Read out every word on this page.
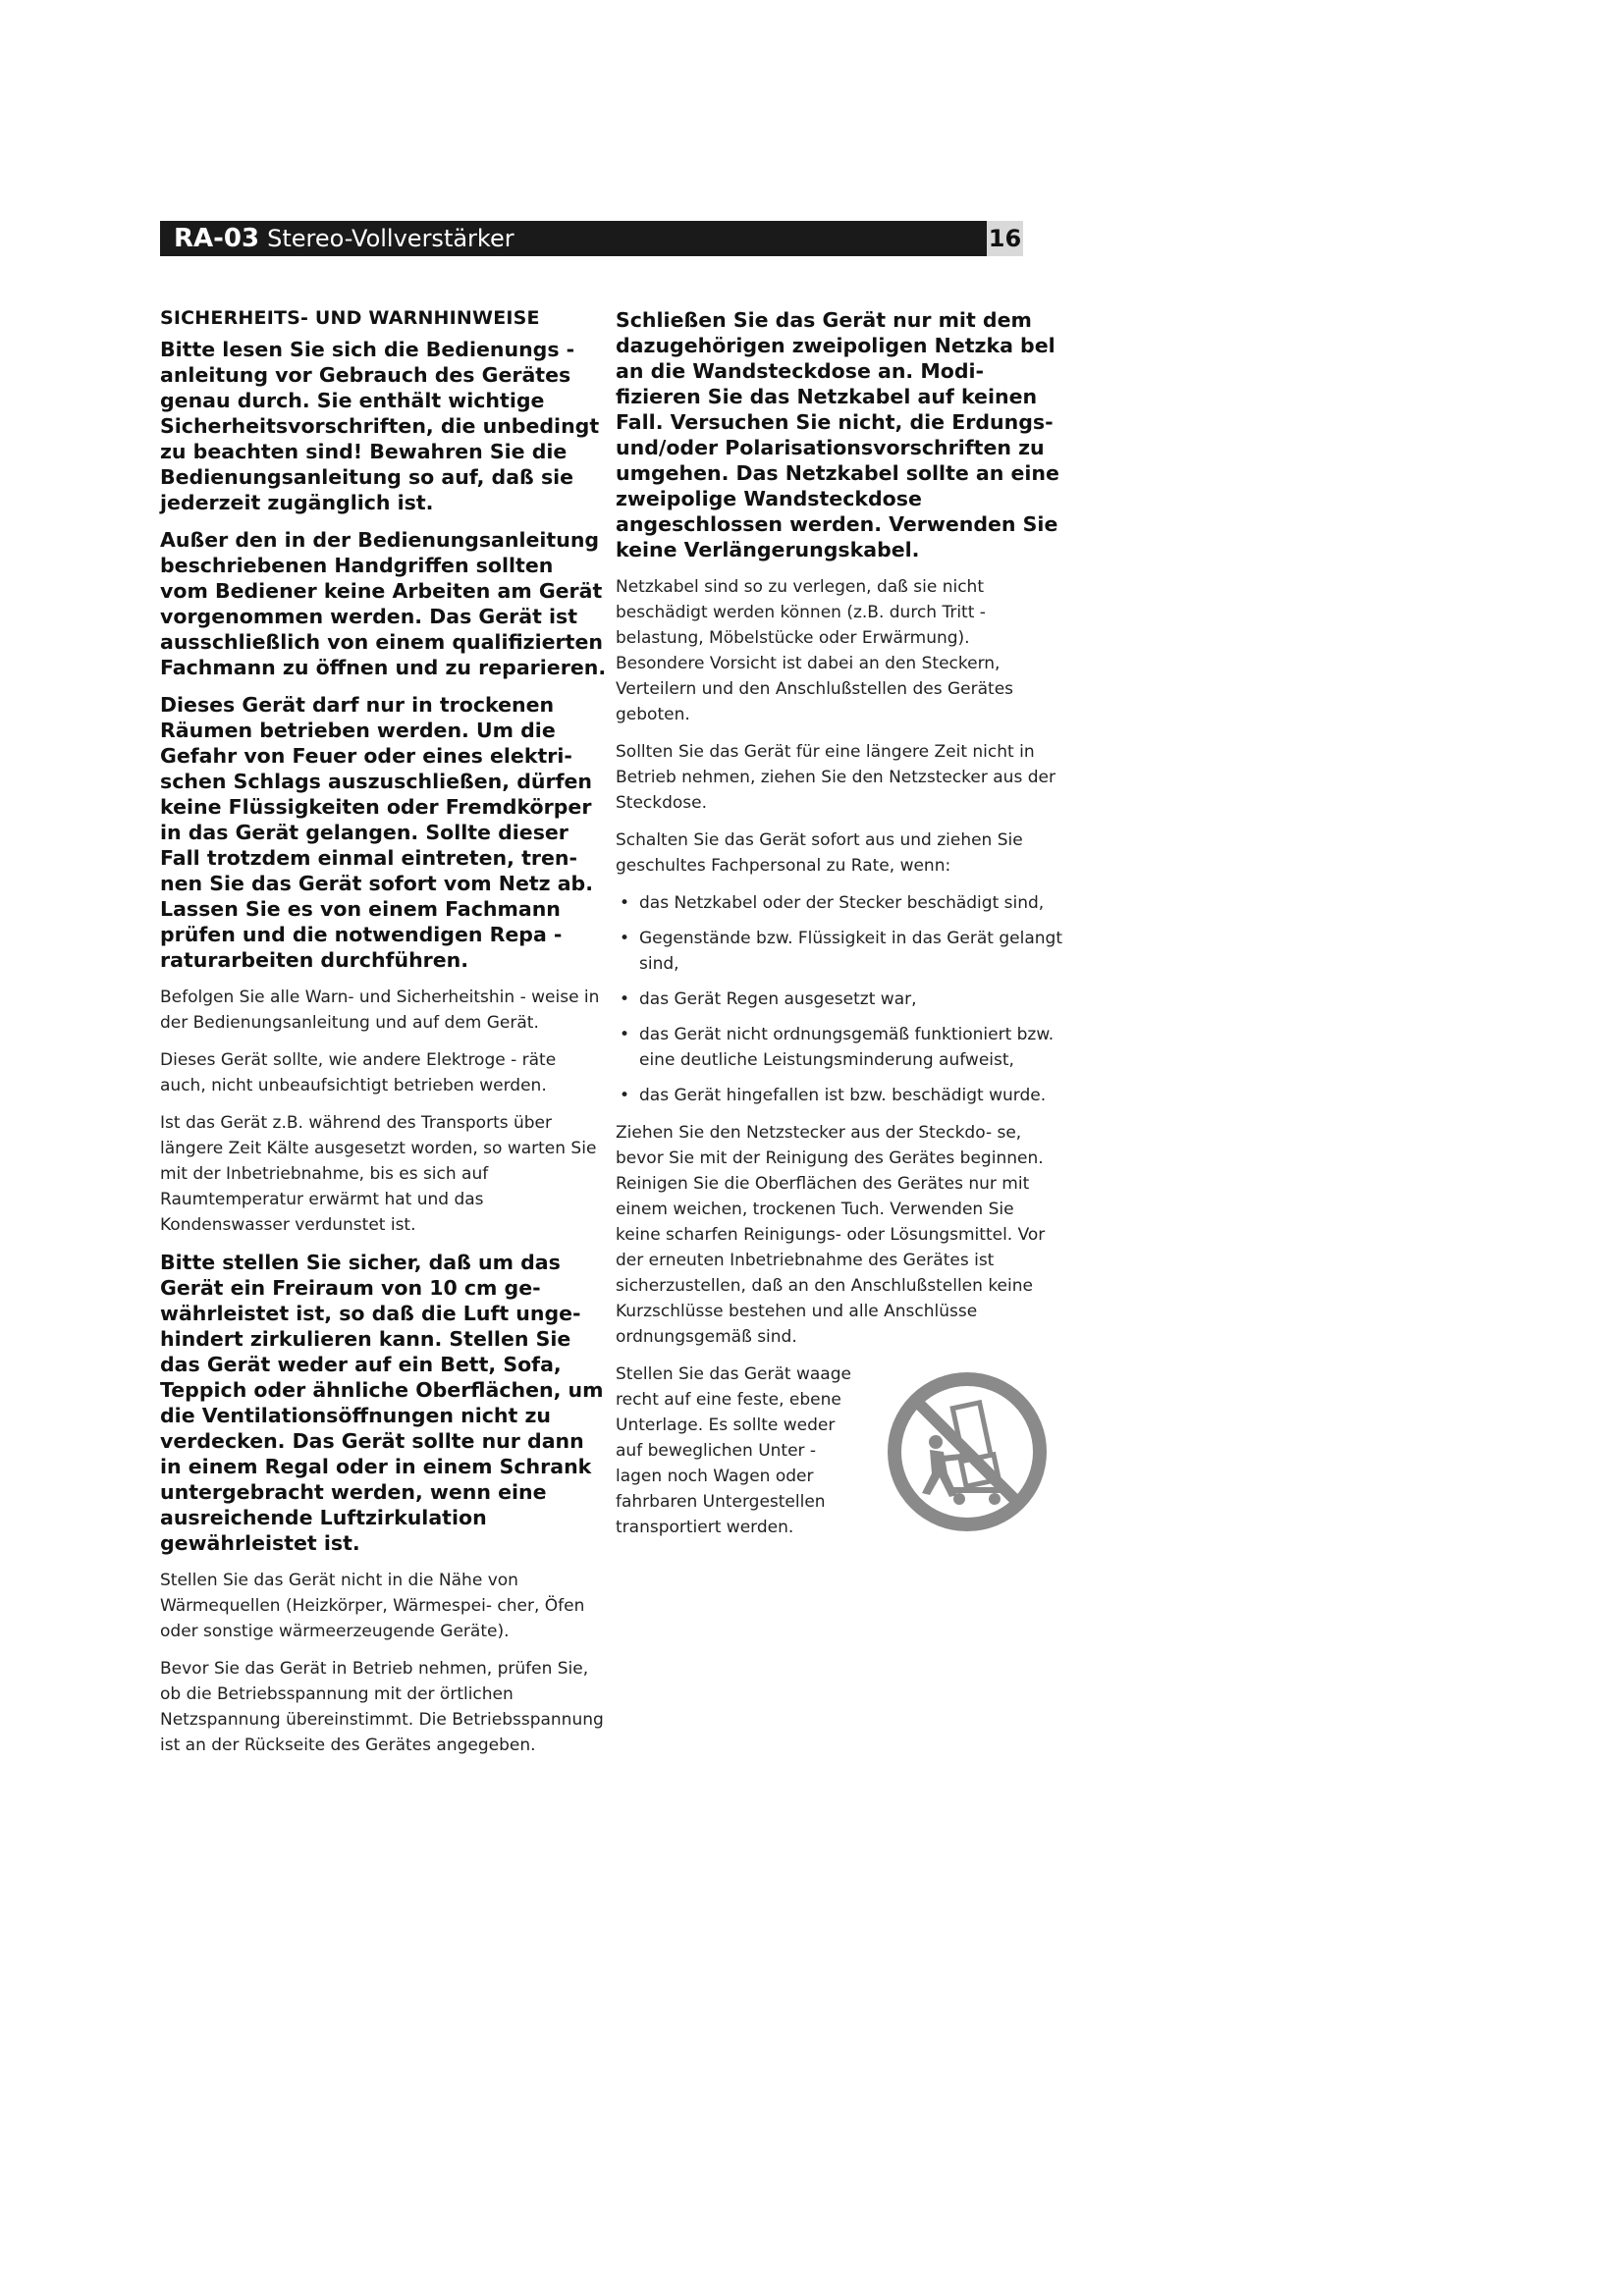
RA-03 Stereo-Vollverstärker	16
SICHERHEITS- UND WARNHINWEISE

Bitte lesen Sie sich die Bedienungs - anleitung vor Gebrauch des Gerätes genau durch. Sie enthält wichtige Sicherheitsvorschriften, die unbedingt zu beachten sind! Bewahren Sie die Bedienungsanleitung so auf, daß sie jederzeit zugänglich ist.

Außer den in der Bedienungsanleitung beschriebenen Handgriffen sollten vom Bediener keine Arbeiten am Gerät vorgenommen werden. Das Gerät ist ausschließlich von einem qualifizierten Fachmann zu öffnen und zu reparieren.

Dieses Gerät darf nur in trockenen Räumen betrieben werden. Um die Gefahr von Feuer oder eines elektri- schen Schlags auszuschließen, dürfen keine Flüssigkeiten oder Fremdkörper in das Gerät gelangen. Sollte dieser Fall trotzdem einmal eintreten, tren- nen Sie das Gerät sofort vom Netz ab. Lassen Sie es von einem Fachmann prüfen und die notwendigen Repa - raturarbeiten durchführen.

Befolgen Sie alle Warn- und Sicherheitshin - weise in der Bedienungsanleitung und auf dem Gerät.

Dieses Gerät sollte, wie andere Elektroge - räte auch, nicht unbeaufsichtigt betrieben werden.

Ist das Gerät z.B. während des Transports über längere Zeit Kälte ausgesetzt worden, so warten Sie mit der Inbetriebnahme, bis es sich auf Raumtemperatur erwärmt hat und das Kondenswasser verdunstet ist.

Bitte stellen Sie sicher, daß um das Gerät ein Freiraum von 10 cm ge- währleistet ist, so daß die Luft unge- hindert zirkulieren kann. Stellen Sie das Gerät weder auf ein Bett, Sofa, Teppich oder ähnliche Oberflächen, um die Ventilationsöffnungen nicht zu verdecken. Das Gerät sollte nur dann in einem Regal oder in einem Schrank untergebracht werden, wenn eine ausreichende Luftzirkulation gewährleistet ist.

Stellen Sie das Gerät nicht in die Nähe von Wärmequellen (Heizkörper, Wärmespei- cher, Öfen oder sonstige wärmeerzeugende Geräte).

Bevor Sie das Gerät in Betrieb nehmen, prüfen Sie, ob die Betriebsspannung mit der örtlichen Netzspannung übereinstimmt. Die Betriebsspannung ist an der Rückseite des Gerätes angegeben.

Schließen Sie das Gerät nur mit dem dazugehörigen zweipoligen Netzka bel an die Wandsteckdose an. Modi- fizieren Sie das Netzkabel auf keinen Fall. Versuchen Sie nicht, die Erdungs- und/oder Polarisationsvorschriften zu umgehen. Das Netzkabel sollte an eine zweipolige Wandsteckdose angeschlossen werden. Verwenden Sie keine Verlängerungskabel.

Netzkabel sind so zu verlegen, daß sie nicht beschädigt werden können (z.B. durch Tritt - belastung, Möbelstücke oder Erwärmung). Besondere Vorsicht ist dabei an den Steckern, Verteilern und den Anschlußstellen des Gerätes geboten.

Sollten Sie das Gerät für eine längere Zeit nicht in Betrieb nehmen, ziehen Sie den Netzstecker aus der Steckdose.

Schalten Sie das Gerät sofort aus und ziehen Sie geschultes Fachpersonal zu Rate, wenn:

• das Netzkabel oder der Stecker beschädigt sind,
• Gegenstände bzw. Flüssigkeit in das Gerät gelangt sind,
• das Gerät Regen ausgesetzt war,
• das Gerät nicht ordnungsgemäß funktioniert bzw. eine deutliche Leistungsminderung aufweist,
• das Gerät hingefallen ist bzw. beschädigt wurde.

Ziehen Sie den Netzstecker aus der Steckdo- se, bevor Sie mit der Reinigung des Gerätes beginnen. Reinigen Sie die Oberflächen des Gerätes nur mit einem weichen, trockenen Tuch. Verwenden Sie keine scharfen Reinigungs- oder Lösungsmittel. Vor der erneuten Inbetriebnahme des Gerätes ist sicherzustellen, daß an den Anschlußstellen keine Kurzschlüsse bestehen und alle Anschlüsse ordnungsgemäß sind.

Stellen Sie das Gerät waage recht auf eine feste, ebene Unterlage. Es sollte weder auf beweglichen Unter - lagen noch Wagen oder fahrbaren Untergestellen transportiert werden.
